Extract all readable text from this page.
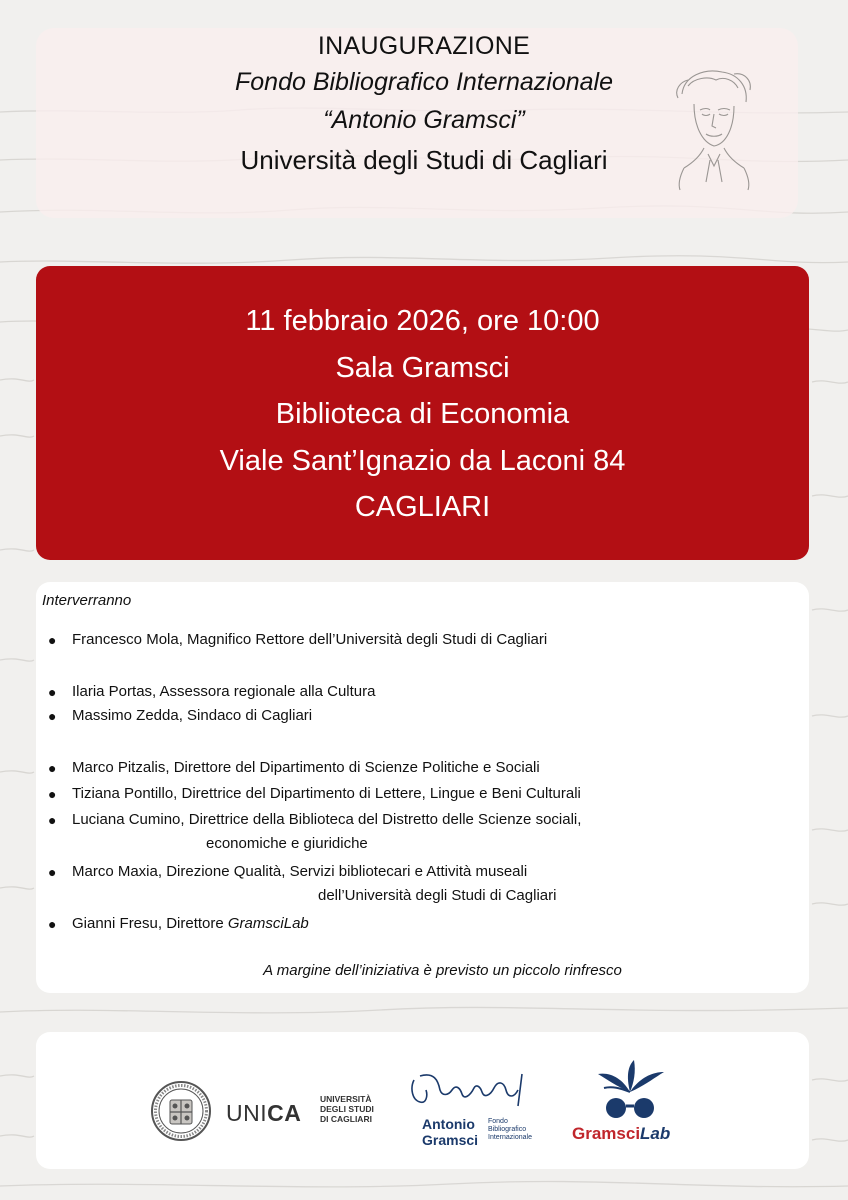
INAUGURAZIONE
Fondo Bibliografico Internazionale
“Antonio Gramsci”
Università degli Studi di Cagliari
11 febbraio 2026, ore 10:00
Sala Gramsci
Biblioteca di Economia
Viale Sant’Ignazio da Laconi 84
CAGLIARI
Interverranno
● Francesco Mola, Magnifico Rettore dell’Università degli Studi di Cagliari
● Ilaria Portas, Assessora regionale alla Cultura
● Massimo Zedda, Sindaco di Cagliari
● Marco Pitzalis, Direttore del Dipartimento di Scienze Politiche e Sociali
● Tiziana Pontillo, Direttrice del Dipartimento di Lettere, Lingue e Beni Culturali
● Luciana Cumino, Direttrice della Biblioteca del Distretto delle Scienze sociali,
economiche e giuridiche
● Marco Maxia, Direzione Qualità, Servizi bibliotecari e Attività museali
dell’Università degli Studi di Cagliari
● Gianni Fresu, Direttore GramsciLab
A margine dell’iniziativa è previsto un piccolo rinfresco
UNICA
UNIVERSITÀ
DEGLI STUDI
DI CAGLIARI	Antonio
Gramsci
Fondo
Bibliografico
Internazionale GramsciLab
